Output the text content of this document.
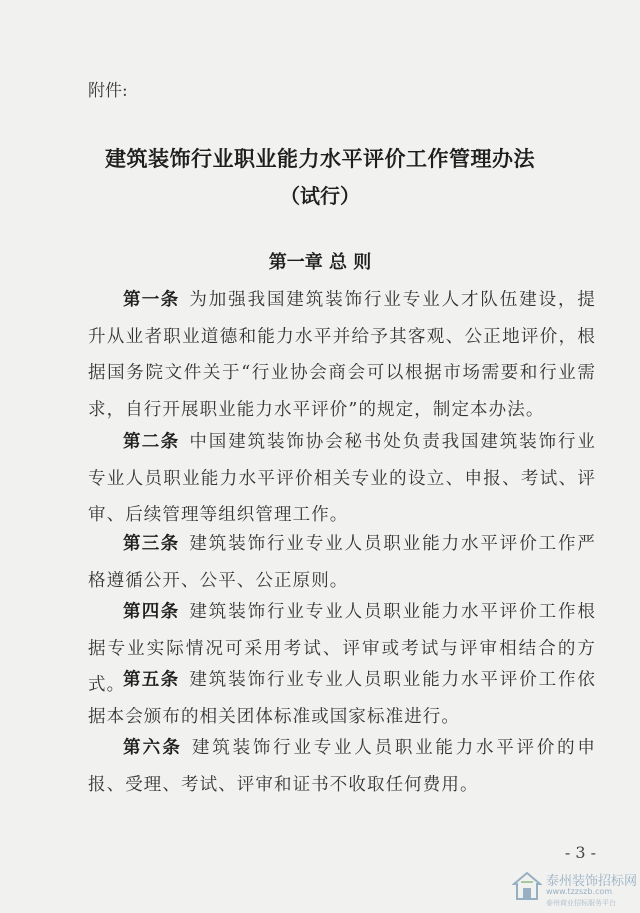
附件:
建筑装饰行业职业能力水平评价工作管理办法
（试行）
第一章 总 则
第一条 为加强我国建筑装饰行业专业人才队伍建设，提升从业者职业道德和能力水平并给予其客观、公正地评价，根据国务院文件关于“行业协会商会可以根据市场需要和行业需求，自行开展职业能力水平评价”的规定，制定本办法。
第二条 中国建筑装饰协会秘书处负责我国建筑装饰行业专业人员职业能力水平评价相关专业的设立、申报、考试、评审、后续管理等组织管理工作。
第三条 建筑装饰行业专业人员职业能力水平评价工作严格遵循公开、公平、公正原则。
第四条 建筑装饰行业专业人员职业能力水平评价工作根据专业实际情况可采用考试、评审或考试与评审相结合的方式。
第五条 建筑装饰行业专业人员职业能力水平评价工作依据本会颁布的相关团体标准或国家标准进行。
第六条 建筑装饰行业专业人员职业能力水平评价的申报、受理、考试、评审和证书不收取任何费用。
- 3 -
泰州装饰招标网
www.tzzszb.com
泰州商业招标服务平台
